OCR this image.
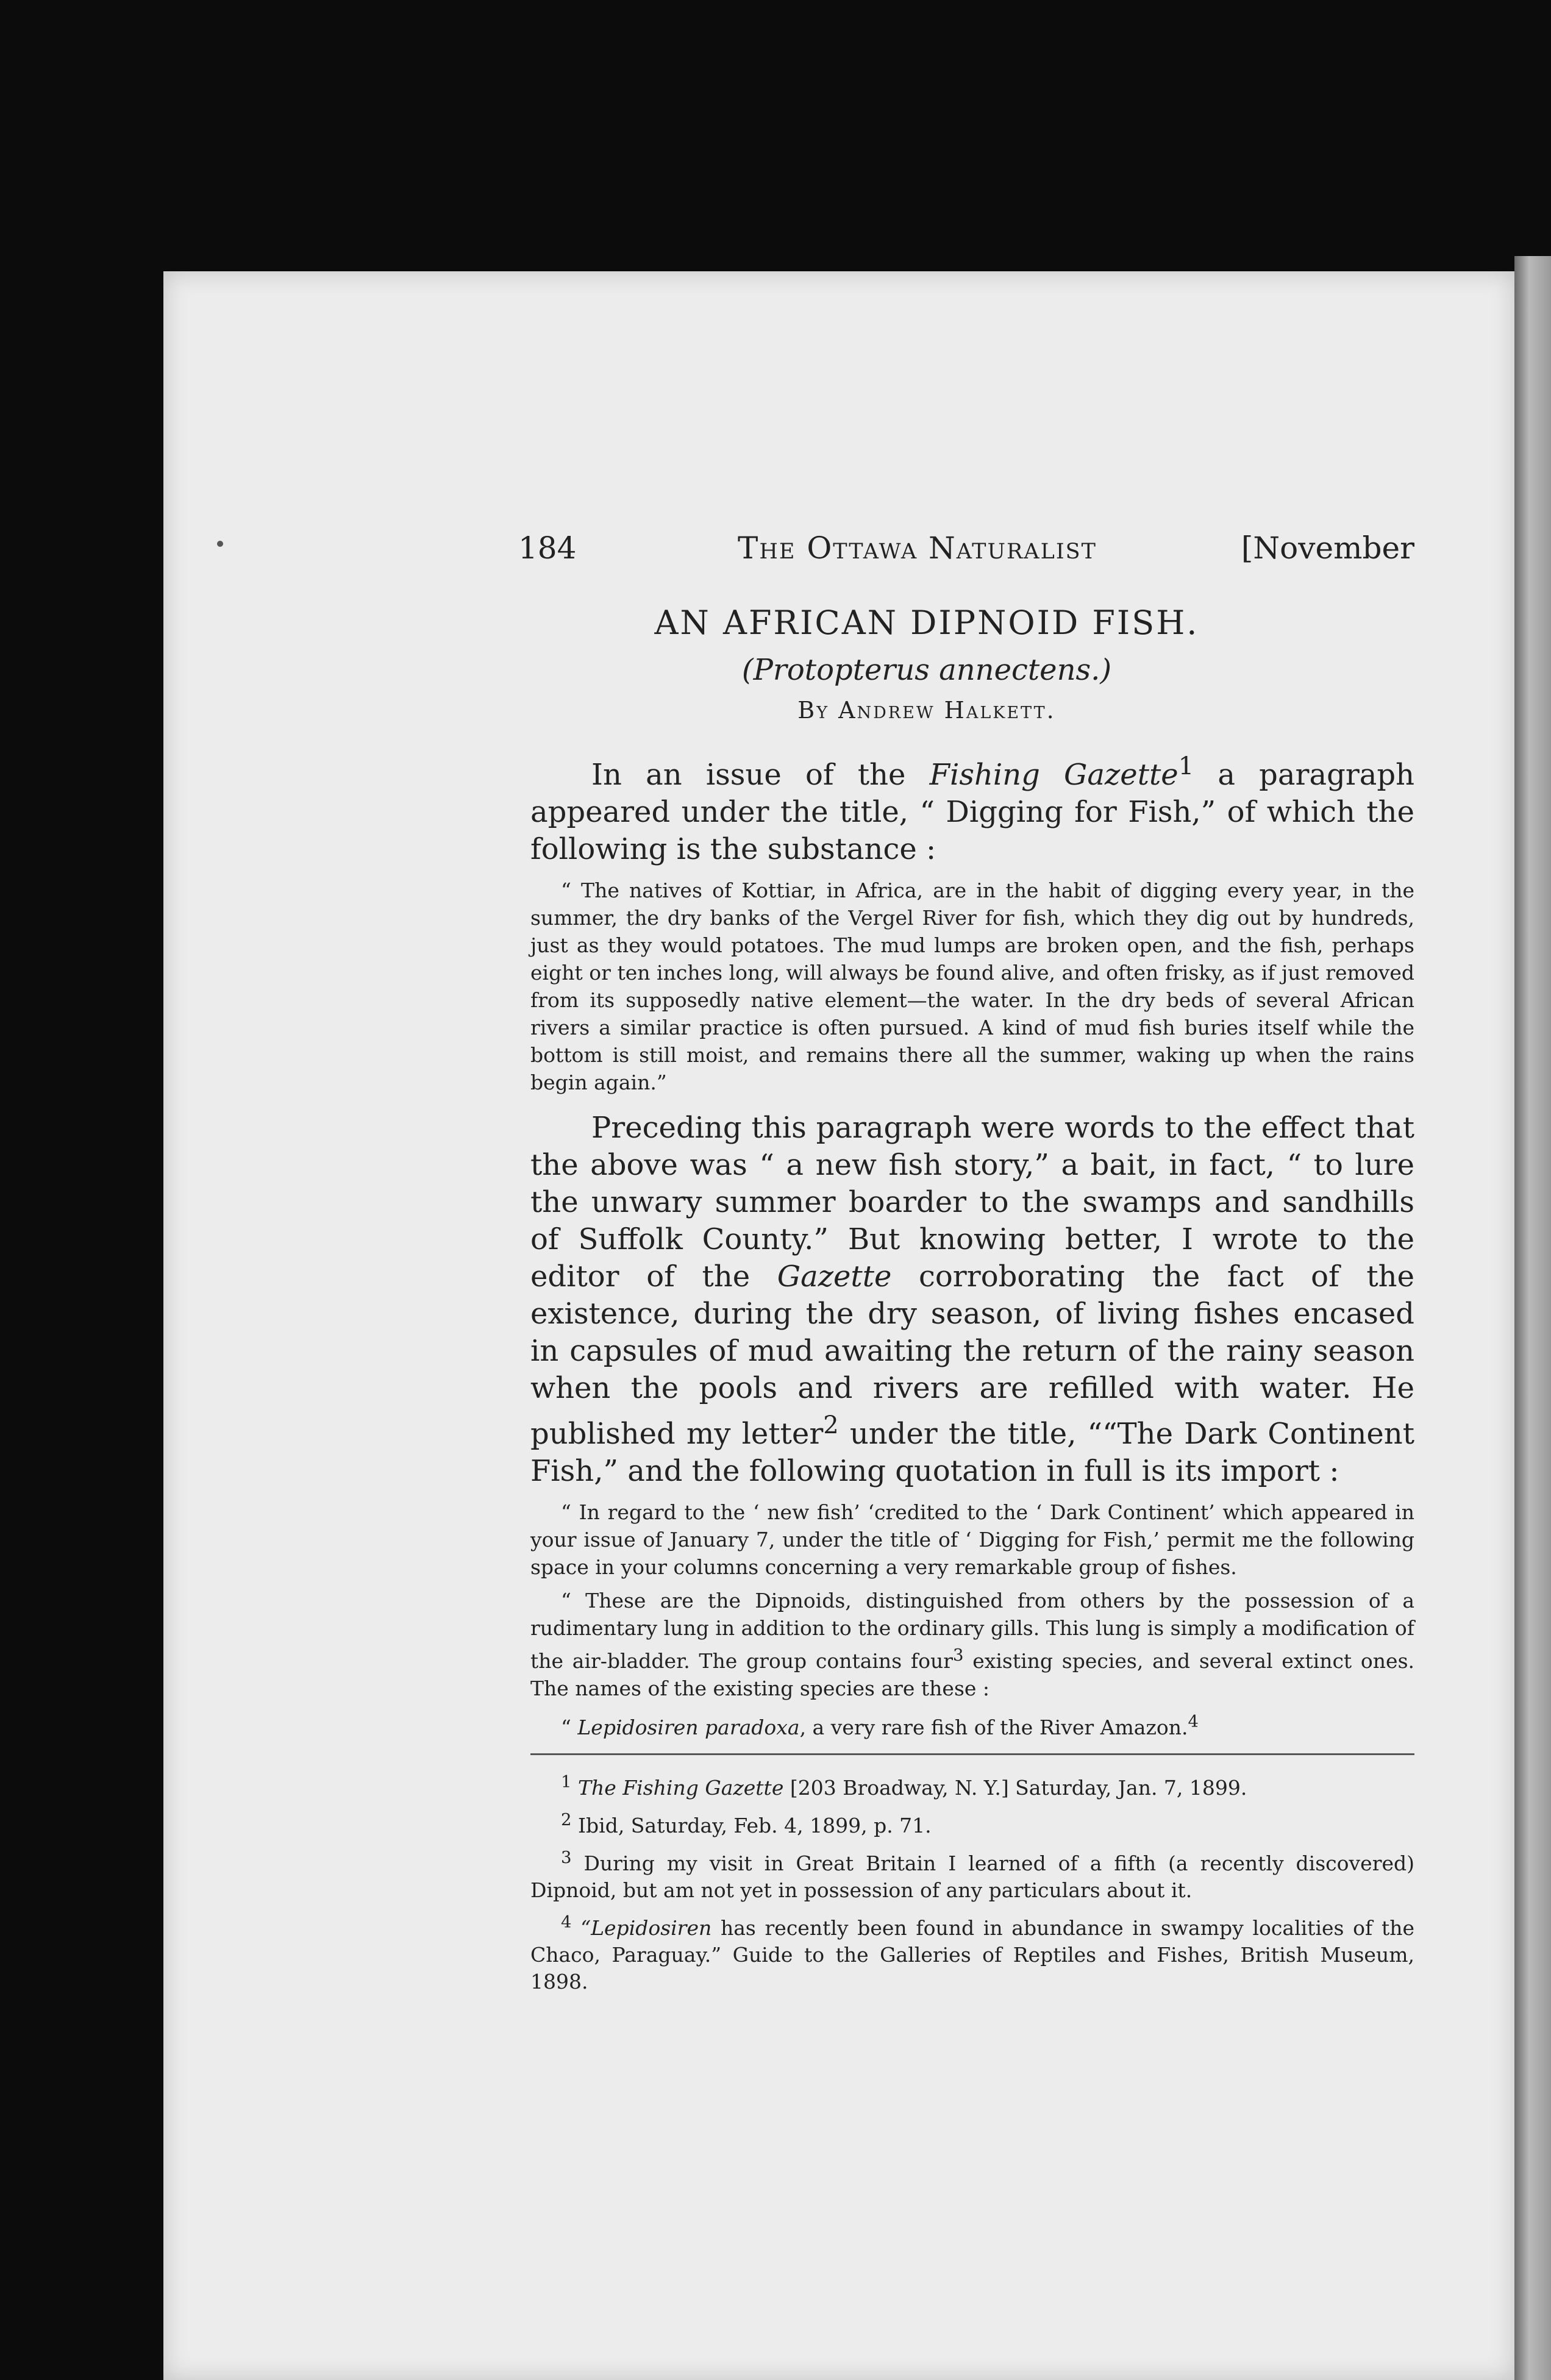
184	The Ottawa Naturalist	[November
AN AFRICAN DIPNOID FISH.
(Protopterus annectens.)
By Andrew Halkett.
In an issue of the Fishing Gazette$^1$ a paragraph appeared under the title, “ Digging for Fish,” of which the following is the substance :
“ The natives of Kottiar, in Africa, are in the habit of digging every year, in the summer, the dry banks of the Vergel River for fish, which they dig out by hundreds, just as they would potatoes. The mud lumps are broken open, and the fish, perhaps eight or ten inches long, will always be found alive, and often frisky, as if just removed from its supposedly native element—the water. In the dry beds of several African rivers a similar practice is often pursued. A kind of mud fish buries itself while the bottom is still moist, and remains there all the summer, waking up when the rains begin again.”
Preceding this paragraph were words to the effect that the above was “ a new fish story,” a bait, in fact, “ to lure the unwary summer boarder to the swamps and sandhills of Suffolk County.” But knowing better, I wrote to the editor of the Gazette corroborating the fact of the existence, during the dry season, of living fishes encased in capsules of mud awaiting the return of the rainy season when the pools and rivers are refilled with water. He published my letter$^2$ under the title, ““The Dark Continent Fish,” and the following quotation in full is its import :
“ In regard to the ‘ new fish’ ‘credited to the ‘ Dark Continent’ which appeared in your issue of January 7, under the title of ‘ Digging for Fish,’ permit me the following space in your columns concerning a very remarkable group of fishes.
“ These are the Dipnoids, distinguished from others by the possession of a rudimentary lung in addition to the ordinary gills. This lung is simply a modification of the air-bladder. The group contains four$^3$ existing species, and several extinct ones. The names of the existing species are these :
“ Lepidosiren paradoxa, a very rare fish of the River Amazon.$^4$
$^1$ The Fishing Gazette [203 Broadway, N. Y.] Saturday, Jan. 7, 1899.
$^2$ Ibid, Saturday, Feb. 4, 1899, p. 71.
$^3$ During my visit in Great Britain I learned of a fifth (a recently discovered) Dipnoid, but am not yet in possession of any particulars about it.
$^4$ “Lepidosiren has recently been found in abundance in swampy localities of the Chaco, Paraguay.” Guide to the Galleries of Reptiles and Fishes, British Museum, 1898.
